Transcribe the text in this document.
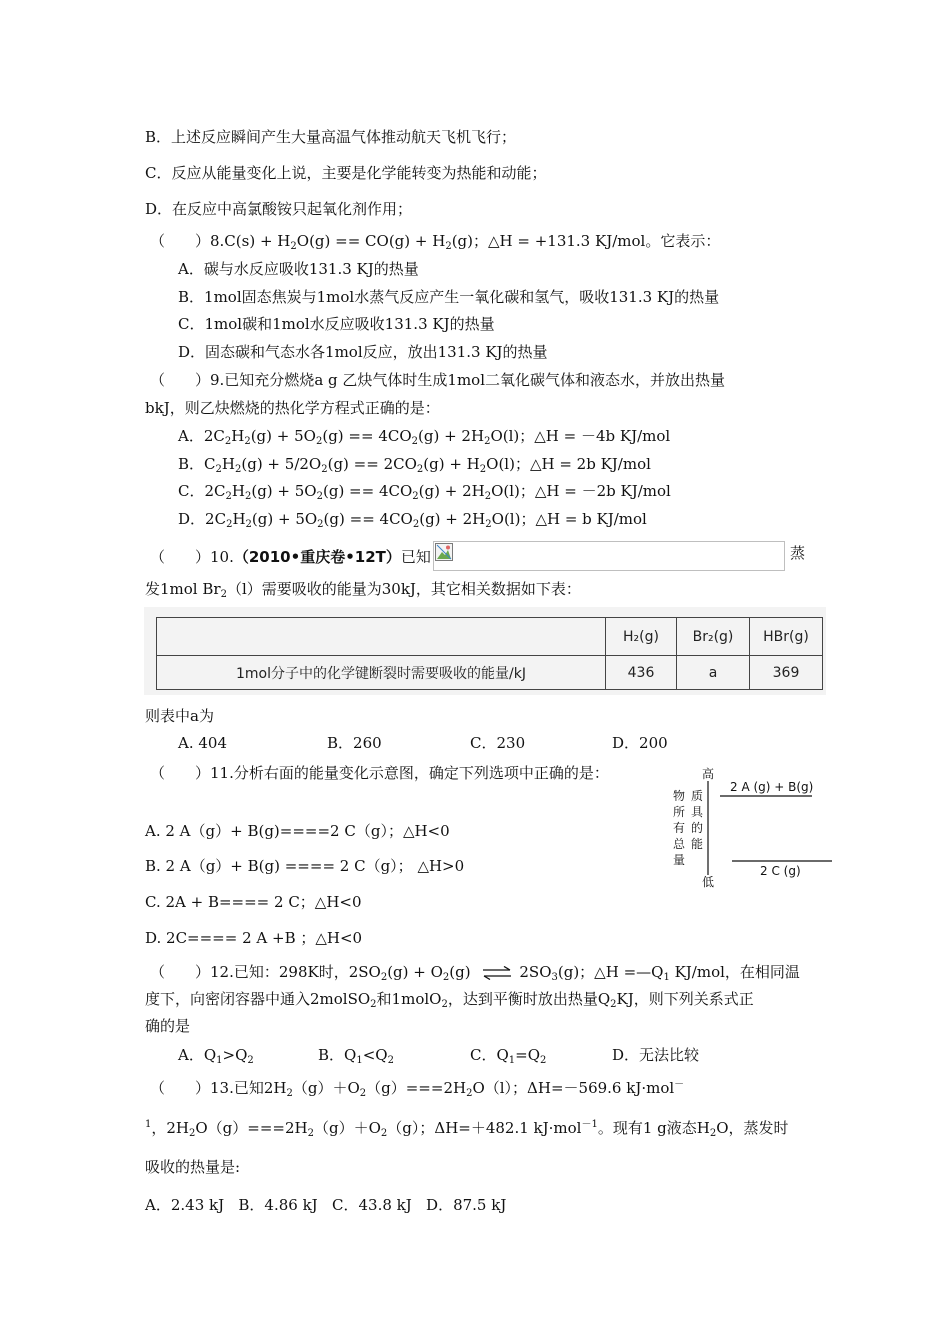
B．上述反应瞬间产生大量高温气体推动航天飞机飞行；
C．反应从能量变化上说，主要是化学能转变为热能和动能；
D．在反应中高氯酸铵只起氧化剂作用；
（　　）$8.C(s) + H_2O(g) == CO(g) + H_2(g)$；△H = +131.3 KJ/mol。它表示：
A．碳与水反应吸收131.3 KJ的热量
B．1mol固态焦炭与1mol水蒸气反应产生一氧化碳和氢气，吸收131.3 KJ的热量
C．1mol碳和1mol水反应吸收131.3 KJ的热量
D．固态碳和气态水各1mol反应，放出131.3 KJ的热量
（　　）9.已知充分燃烧a g 乙炔气体时生成1mol二氧化碳气体和液态水，并放出热量
bkJ，则乙炔燃烧的热化学方程式正确的是：
A．$2C_2H_2(g) + 5O_2(g) == 4CO_2(g) + 2H_2O(l)$；△H = －4b KJ/mol
B．$C_2H_2(g) + 5/2O_2(g) == 2CO_2(g) + H_2O(l)$；△H = 2b KJ/mol
C．$2C_2H_2(g) + 5O_2(g) == 4CO_2(g) + 2H_2O(l)$；△H = －2b KJ/mol
D．$2C_2H_2(g) + 5O_2(g) == 4CO_2(g) + 2H_2O(l)$；△H = b KJ/mol
（　　）10.（2010•重庆卷•12T）已知	蒸
发1mol $Br_2(l)$需要吸收的能量为30kJ，其它相关数据如下表：
	H₂(g)	Br₂(g)	HBr(g)
1mol分子中的化学键断裂时需要吸收的能量/kJ	436	a	369
则表中a为
A. 404	B．260	C．230	D．200
（　　）11.分析右面的能量变化示意图，确定下列选项中正确的是：
A. 2 A（g）+ B(g)====2 C（g）；△H<0
B. 2 A（g）+ B(g) ==== 2 C（g）； △H>0
C. 2A + B==== 2 C；△H<0
D. 2C==== 2 A +B ；△H<0
高
低
物
所
有
总
量
质
具
的
能
2 A (g) + B(g)
2 C (g)
（　　）12.已知：298K时，$2SO_2(g) + O_2(g)$ ⇌ $2SO_3(g)$；△H $=—Q_1$ KJ/mol，在相同温
度下，向密闭容器中通入2molSO$_2$和1molO$_2$，达到平衡时放出热量$Q_2KJ$，则下列关系式正
确的是
A．$Q_1>Q_2$	B．$Q_1<Q_2$	C．$Q_1=Q_2$	D．无法比较
（　　）13.已知$2H_2(g)+O_2(g)===2H_2O(l)$；ΔH=－569.6 kJ·mol－
$^1$，$2H_2O(g)===2H_2(g)+O_2(g)$；ΔH=＋482.1 kJ·mol$^{-1}$。现有1 g液态$H_2O$，蒸发时
吸收的热量是:
A．2.43 kJ   B．4.86 kJ   C．43.8 kJ   D．87.5 kJ
